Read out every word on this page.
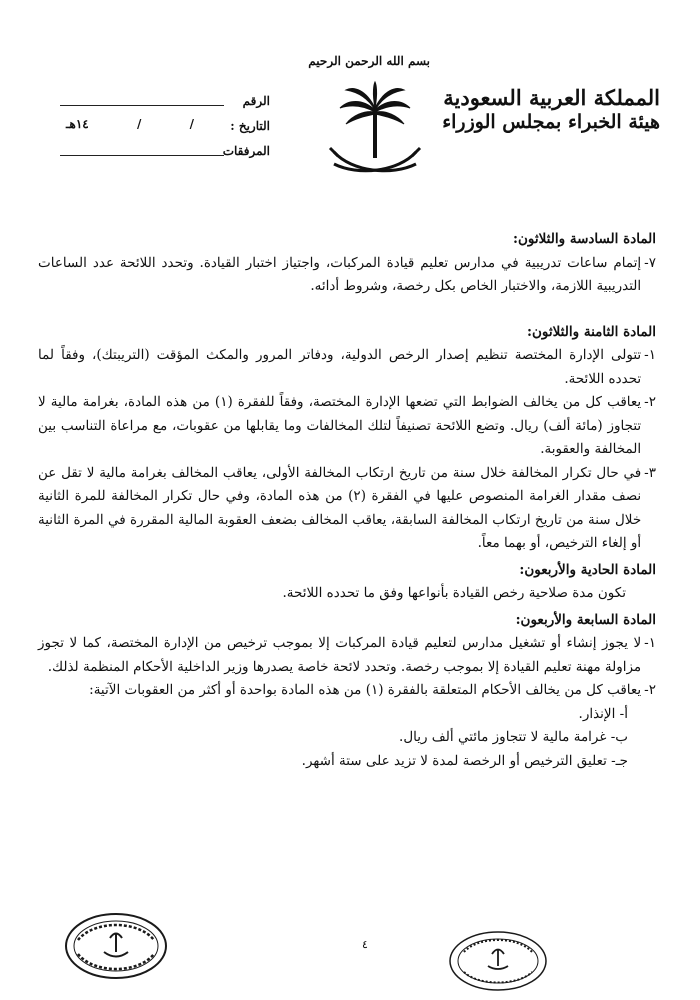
المملكة العربية السعودية
هيئة الخبراء بمجلس الوزراء
بسم الله الرحمن الرحيم
الرقم
التاريخ :
/
/
١٤هـ
المرفقات

المادة السادسة والثلاثون:

٧-
إتمام ساعات تدريبية في مدارس تعليم قيادة المركبات، واجتياز اختبار القيادة. وتحدد اللائحة عدد الساعات التدريبية اللازمة، والاختبار الخاص بكل رخصة، وشروط أدائه.

المادة الثامنة والثلاثون:

١-
تتولى الإدارة المختصة تنظيم إصدار الرخص الدولية، ودفاتر المرور والمكث المؤقت (التريبتك)، وفقاً لما تحدده اللائحة.
٢-
يعاقب كل من يخالف الضوابط التي تضعها الإدارة المختصة، وفقاً للفقرة (١) من هذه المادة، بغرامة مالية لا تتجاوز (مائة ألف) ريال. وتضع اللائحة تصنيفاً لتلك المخالفات وما يقابلها من عقوبات، مع مراعاة التناسب بين المخالفة والعقوبة.
٣-
في حال تكرار المخالفة خلال سنة من تاريخ ارتكاب المخالفة الأولى، يعاقب المخالف بغرامة مالية لا تقل عن نصف مقدار الغرامة المنصوص عليها في الفقرة (٢) من هذه المادة، وفي حال تكرار المخالفة للمرة الثانية خلال سنة من تاريخ ارتكاب المخالفة السابقة، يعاقب المخالف بضعف العقوبة المالية المقررة في المرة الثانية أو إلغاء الترخيص، أو بهما معاً.

المادة الحادية والأربعون:

تكون مدة صلاحية رخص القيادة بأنواعها وفق ما تحدده اللائحة.

المادة السابعة والأربعون:

١-
لا يجوز إنشاء أو تشغيل مدارس لتعليم قيادة المركبات إلا بموجب ترخيص من الإدارة المختصة، كما لا تجوز مزاولة مهنة تعليم القيادة إلا بموجب رخصة. وتحدد لائحة خاصة يصدرها وزير الداخلية الأحكام المنظمة لذلك.
٢-
يعاقب كل من يخالف الأحكام المتعلقة بالفقرة (١) من هذه المادة بواحدة أو أكثر من العقوبات الآتية:

أ- الإنذار.

ب- غرامة مالية لا تتجاوز مائتي ألف ريال.

جـ- تعليق الترخيص أو الرخصة لمدة لا تزيد على ستة أشهر.

٤
